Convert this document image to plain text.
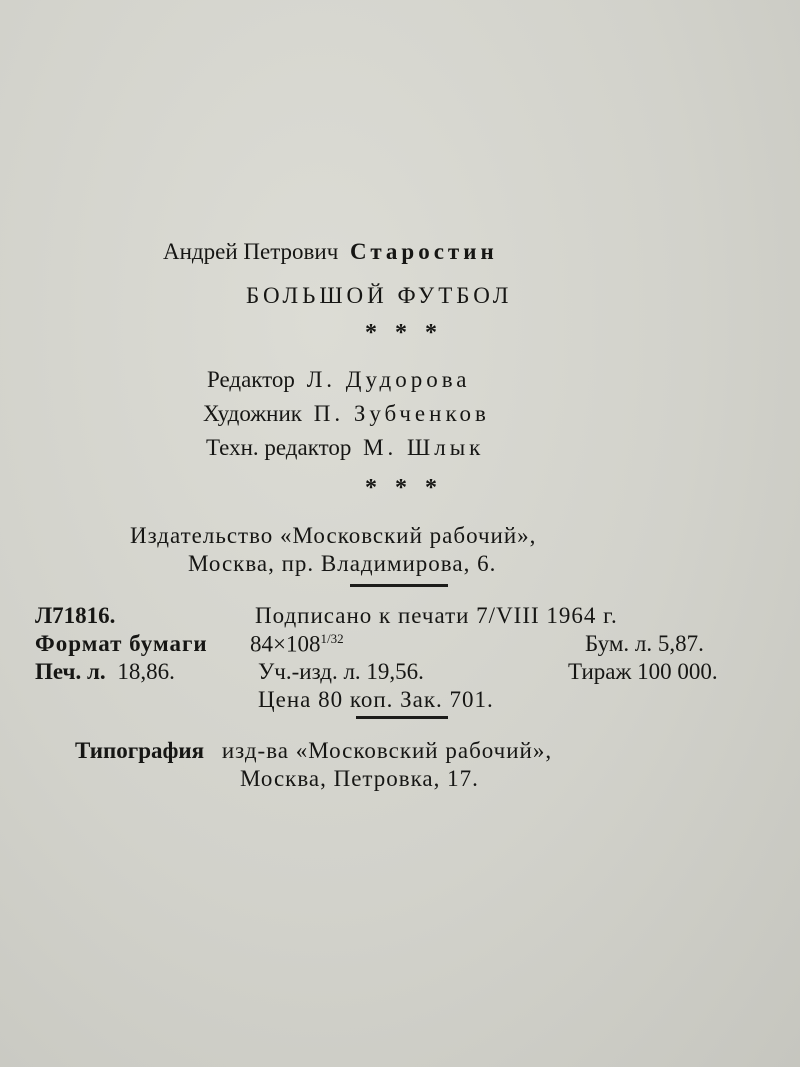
Андрей Петрович Старостин
БОЛЬШОЙ ФУТБОЛ
* * *
Редактор Л. Дудорова
Художник П. Зубченков
Техн. редактор М. Шлык
* * *
Издательство «Московский рабочий»,
Москва, пр. Владимирова, 6.
Л71816.	Подписано к печати 7/VIII 1964 г.
Формат бумаги $84\times 108^{1/32}$	Бум. л. 5,87.
Печ. л. 18,86.	Уч.-изд. л. 19,56.	Тираж 100 000.
Цена 80 коп. Зак. 701.
Типография изд-ва «Московский рабочий»,
Москва, Петровка, 17.
